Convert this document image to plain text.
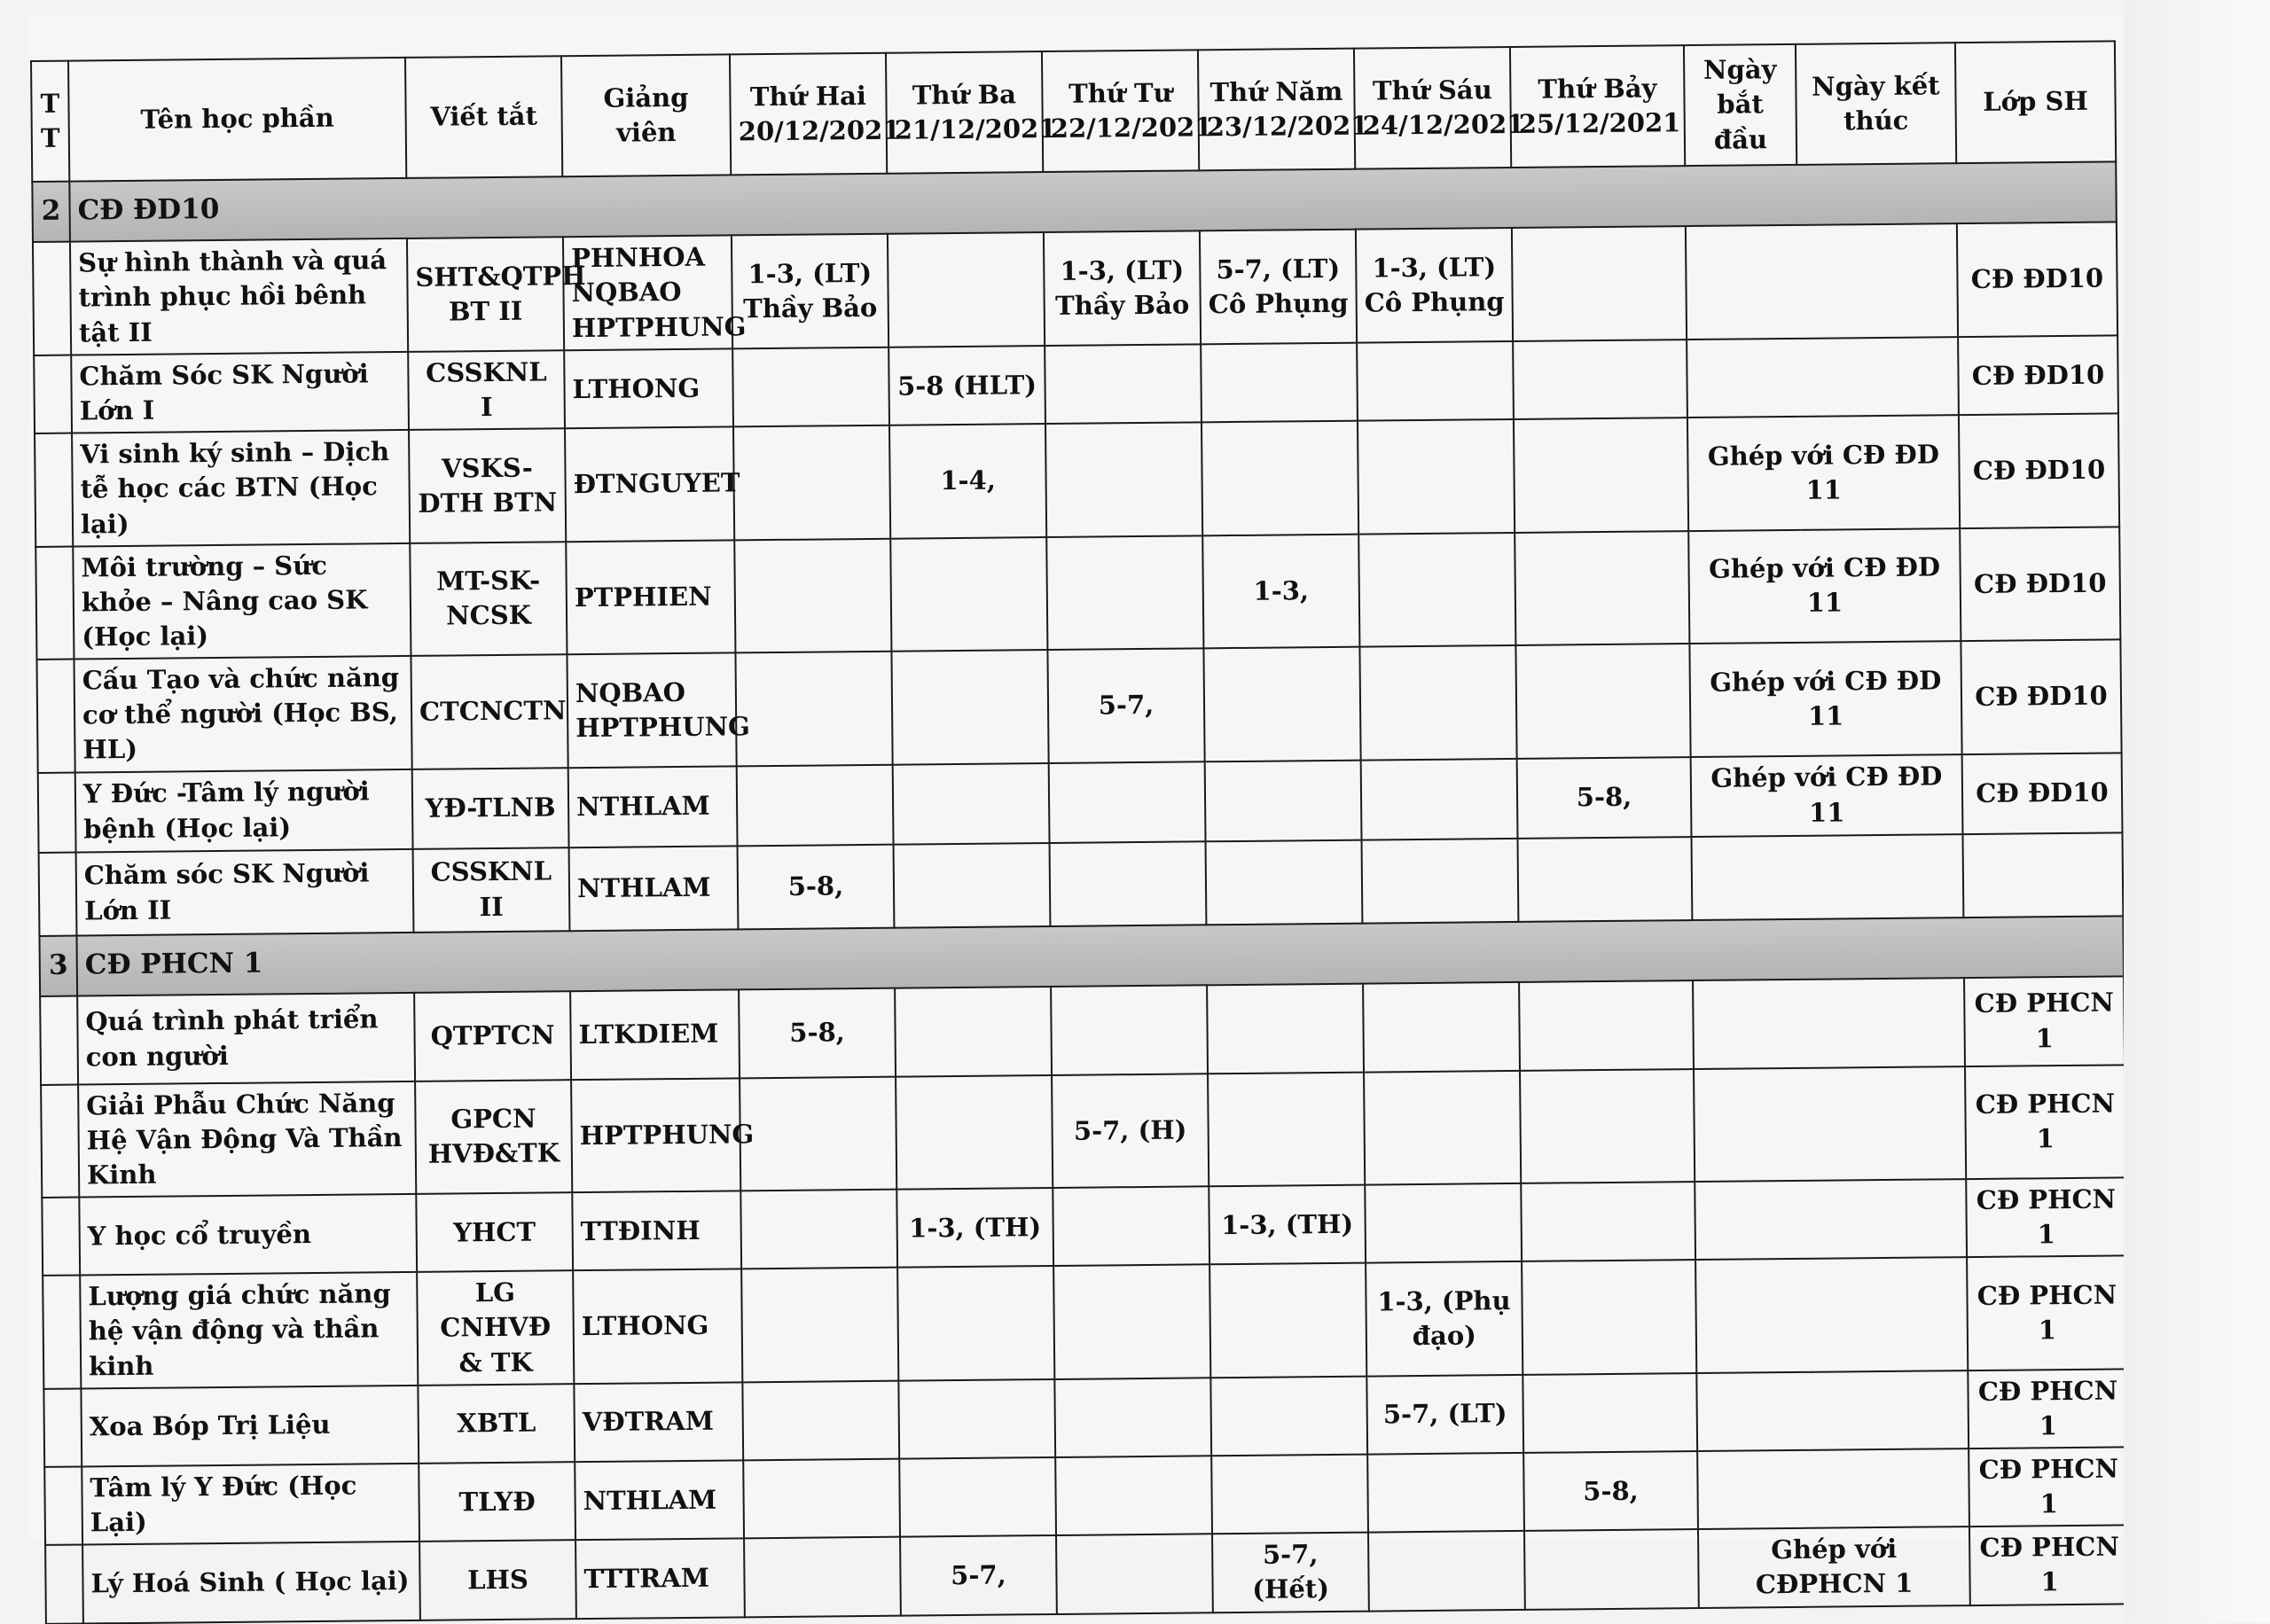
T T	Tên học phần	Viết tắt	Giảng viên	Thứ Hai 20/12/2021	Thứ Ba 21/12/2021	Thứ Tư 22/12/2021	Thứ Năm 23/12/2021	Thứ Sáu 24/12/2021	Thứ Bảy 25/12/2021	Ngày bắt đầu	Ngày kết thúc	Lớp SH
2	CĐ ĐD10											
	Sự hình thành và quá trình phục hồi bênh tật II	SHT&QTPH BT II	PHNHOA NQBAO HPTPHUNG	1-3, (LT) Thầy Bảo		1-3, (LT) Thầy Bảo	5-7, (LT) Cô Phụng	1-3, (LT) Cô Phụng				CĐ ĐD10
	Chăm Sóc SK Người Lớn I	CSSKNL I	LTHONG		5-8 (HLT)							CĐ ĐD10
	Vi sinh ký sinh – Dịch tễ học các BTN (Học lại)	VSKS-DTH BTN	ĐTNGUYET		1-4,					Ghép với CĐ ĐD 11		CĐ ĐD10
	Môi trường – Sức khỏe – Nâng cao SK (Học lại)	MT-SK-NCSK	PTPHIEN				1-3,			Ghép với CĐ ĐD 11		CĐ ĐD10
	Cấu Tạo và chức năng cơ thể người (Học BS, HL)	CTCNCTN	NQBAO HPTPHUNG			5-7,				Ghép với CĐ ĐD 11		CĐ ĐD10
	Y Đức -Tâm lý người bệnh (Học lại)	YĐ-TLNB	NTHLAM						5-8,	Ghép với CĐ ĐD 11		CĐ ĐD10
	Chăm sóc SK Người Lớn II	CSSKNL II	NTHLAM	5-8,								
3	CĐ PHCN 1											
	Quá trình phát triển con người	QTPTCN	LTKDIEM	5-8,								CĐ PHCN 1
	Giải Phẫu Chức Năng Hệ Vận Động Và Thần Kinh	GPCN HVĐ&TK	HPTPHUNG			5-7, (H)						CĐ PHCN 1
	Y học cổ truyền	YHCT	TTĐINH		1-3, (TH)		1-3, (TH)					CĐ PHCN 1
	Lượng giá chức năng hệ vận động và thần kinh	LG CNHVĐ & TK	LTHONG					1-3, (Phụ đạo)				CĐ PHCN 1
	Xoa Bóp Trị Liệu	XBTL	VĐTRAM					5-7, (LT)				CĐ PHCN 1
	Tâm lý Y Đức (Học Lại)	TLYĐ	NTHLAM						5-8,			CĐ PHCN 1
	Lý Hoá Sinh ( Học lại)	LHS	TTTRAM		5-7,		5-7, (Hết)			Ghép với CĐPHCN 1		CĐ PHCN 1
